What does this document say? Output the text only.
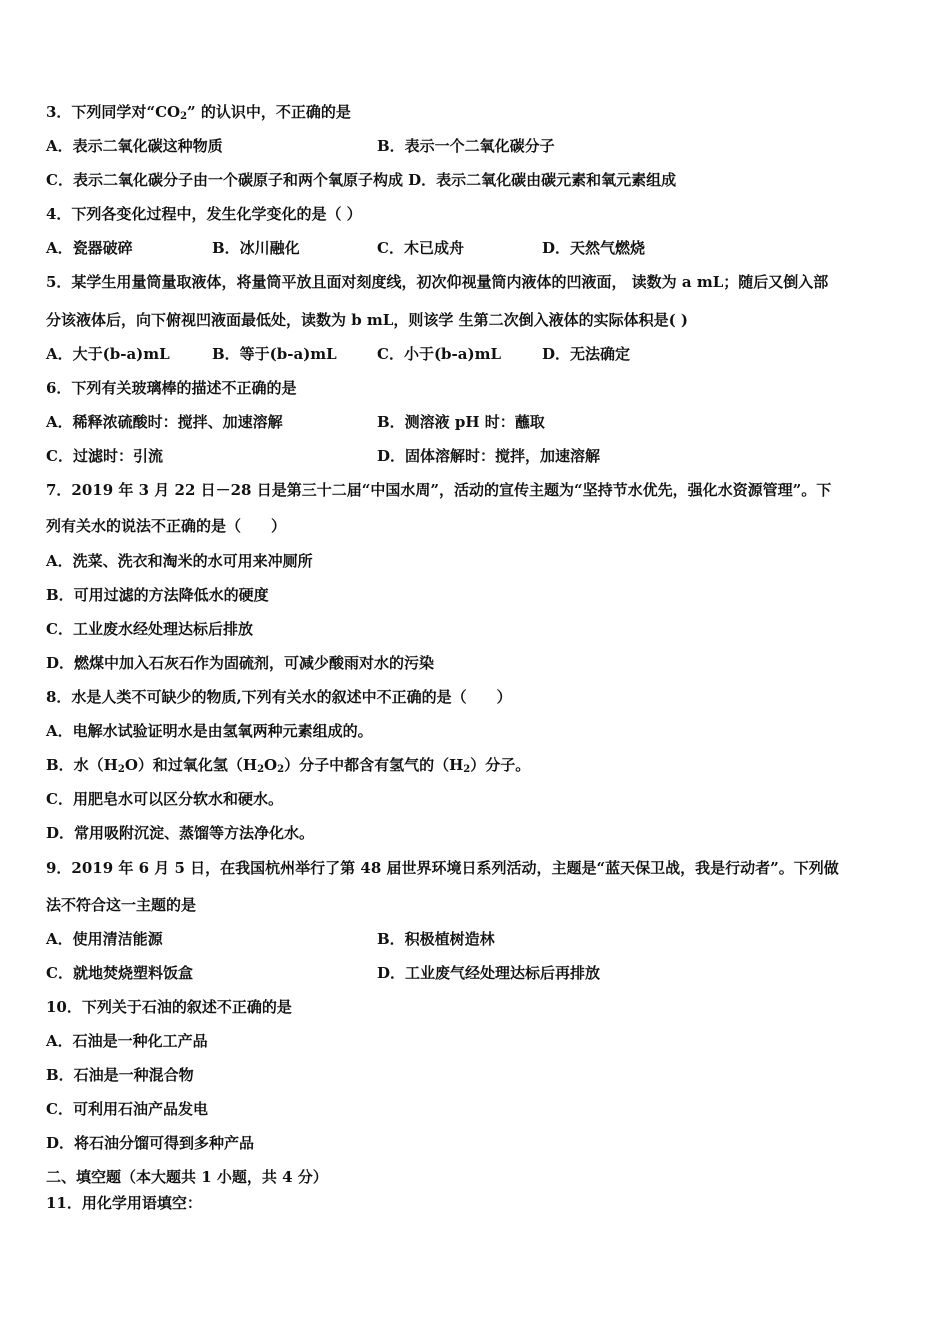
3．下列同学对“$CO_2$” 的认识中，不正确的是
A．表示二氧化碳这种物质	B．表示一个二氧化碳分子
C．表示二氧化碳分子由一个碳原子和两个氧原子构成 D．表示二氧化碳由碳元素和氧元素组成
4．下列各变化过程中，发生化学变化的是（ ）
A．瓷器破碎	B．冰川融化	C．木已成舟	D．天然气燃烧
5．某学生用量筒量取液体，将量筒平放且面对刻度线，初次仰视量筒内液体的凹液面， 读数为 a mL；随后又倒入部
分该液体后，向下俯视凹液面最低处，读数为 b mL，则该学 生第二次倒入液体的实际体积是( )
A．大于(b-a)mL	B．等于(b-a)mL	C．小于(b-a)mL	D．无法确定
6．下列有关玻璃棒的描述不正确的是
A．稀释浓硫酸时：搅拌、加速溶解	B．测溶液 pH 时：蘸取
C．过滤时：引流	D．固体溶解时：搅拌，加速溶解
7．2019 年 3 月 22 日－28 日是第三十二届“中国水周”，活动的宣传主题为“坚持节水优先，强化水资源管理”。下
列有关水的说法不正确的是（　　）
A．洗菜、洗衣和淘米的水可用来冲厕所
B．可用过滤的方法降低水的硬度
C．工业废水经处理达标后排放
D．燃煤中加入石灰石作为固硫剂，可减少酸雨对水的污染
8．水是人类不可缺少的物质,下列有关水的叙述中不正确的是（　　）
A．电解水试验证明水是由氢氧两种元素组成的。
B．水$(H_2O)$和过氧化氢$(H_2O_2)$分子中都含有氢气的$(H_2)$分子。
C．用肥皂水可以区分软水和硬水。
D．常用吸附沉淀、蒸馏等方法净化水。
9．2019 年 6 月 5 日，在我国杭州举行了第 48 届世界环境日系列活动，主题是“蓝天保卫战，我是行动者”。下列做
法不符合这一主题的是
A．使用清洁能源	B．积极植树造林
C．就地焚烧塑料饭盒	D．工业废气经处理达标后再排放
10．下列关于石油的叙述不正确的是
A．石油是一种化工产品
B．石油是一种混合物
C．可利用石油产品发电
D．将石油分馏可得到多种产品
二、填空题（本大题共 1 小题，共 4 分）
11．用化学用语填空：
